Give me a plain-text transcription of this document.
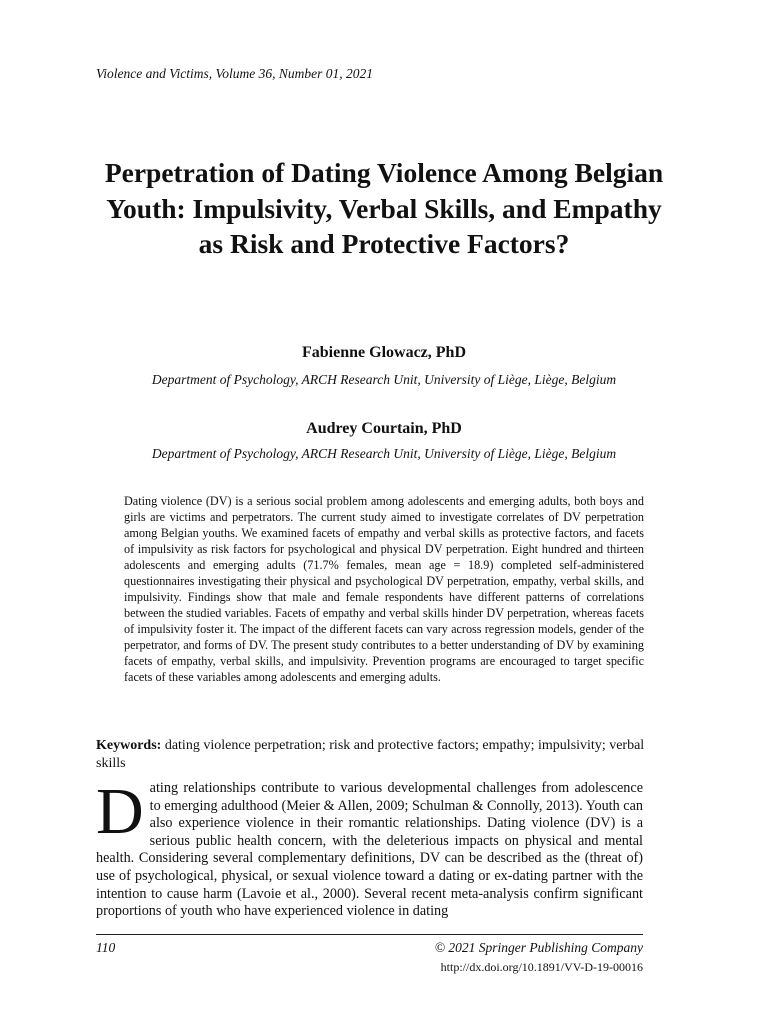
Violence and Victims, Volume 36, Number 01, 2021
Perpetration of Dating Violence Among Belgian Youth: Impulsivity, Verbal Skills, and Empathy as Risk and Protective Factors?
Fabienne Glowacz, PhD
Department of Psychology, ARCH Research Unit, University of Liège, Liège, Belgium
Audrey Courtain, PhD
Department of Psychology, ARCH Research Unit, University of Liège, Liège, Belgium
Dating violence (DV) is a serious social problem among adolescents and emerging adults, both boys and girls are victims and perpetrators. The current study aimed to investigate correlates of DV perpetration among Belgian youths. We examined facets of empathy and verbal skills as protective factors, and facets of impulsivity as risk factors for psychological and physical DV perpetration. Eight hundred and thirteen adolescents and emerging adults (71.7% females, mean age = 18.9) completed self-administered questionnaires investigating their physical and psychological DV perpetration, empathy, verbal skills, and impulsivity. Findings show that male and female respondents have different patterns of correlations between the studied variables. Facets of empathy and verbal skills hinder DV perpetration, whereas facets of impulsivity foster it. The impact of the different facets can vary across regression models, gender of the perpetrator, and forms of DV. The present study contributes to a better understanding of DV by examining facets of empathy, verbal skills, and impulsivity. Prevention programs are encouraged to target specific facets of these variables among adolescents and emerging adults.
Keywords: dating violence perpetration; risk and protective factors; empathy; impulsivity; verbal skills
D ating relationships contribute to various developmental challenges from adolescence to emerging adulthood (Meier & Allen, 2009; Schulman & Connolly, 2013). Youth can also experience violence in their romantic relationships. Dating violence (DV) is a serious public health concern, with the deleterious impacts on physical and mental health. Considering several complementary definitions, DV can be described as the (threat of) use of psychological, physical, or sexual violence toward a dating or ex-dating partner with the intention to cause harm (Lavoie et al., 2000). Several recent meta-analysis confirm significant proportions of youth who have experienced violence in dating
110	© 2021 Springer Publishing Company
http://dx.doi.org/10.1891/VV-D-19-00016
